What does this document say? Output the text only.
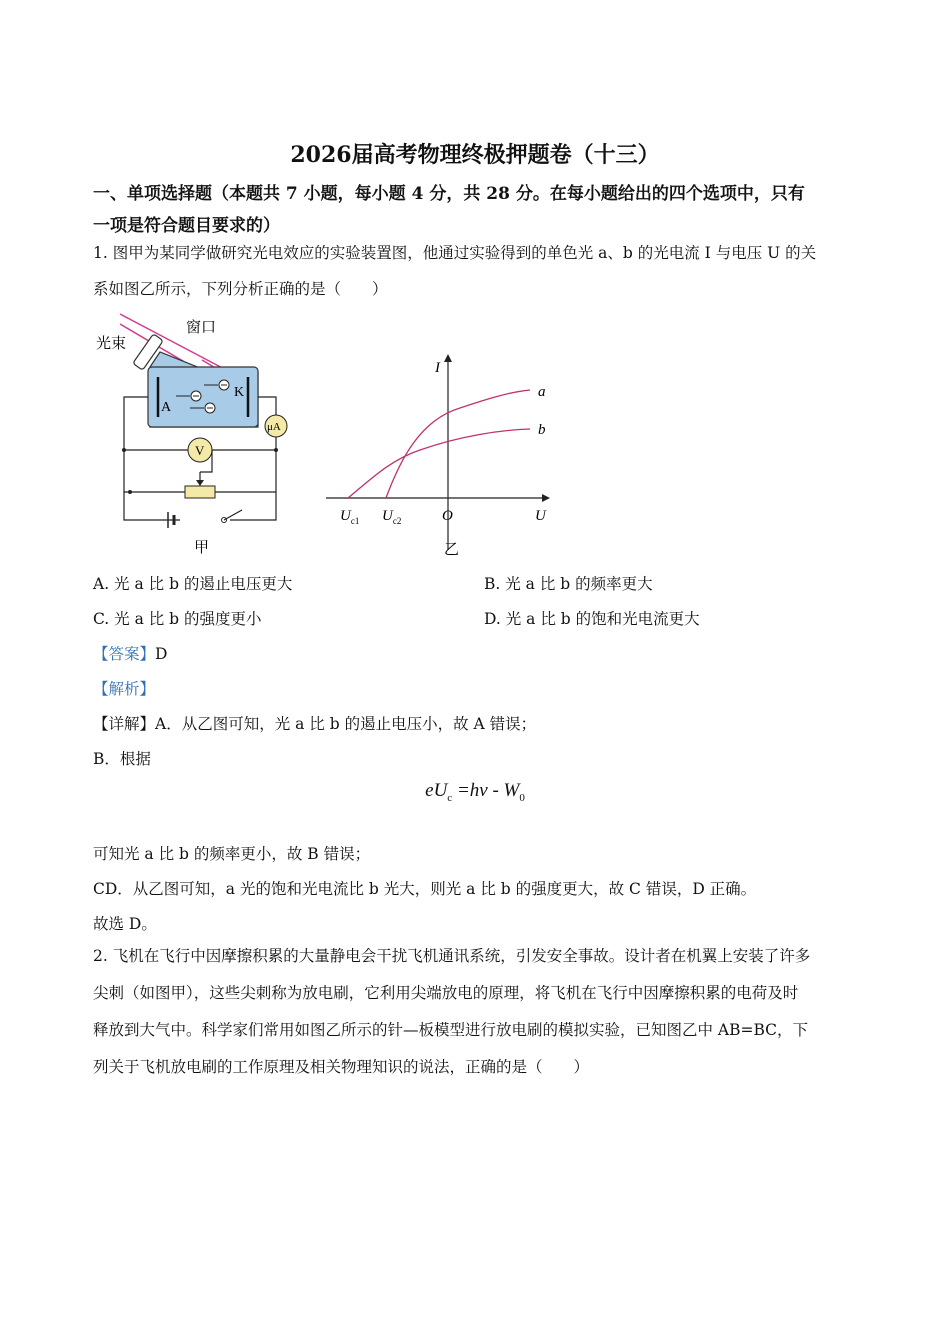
2026届高考物理终极押题卷（十三）
一、单项选择题（本题共 7 小题，每小题 4 分，共 28 分。在每小题给出的四个选项中，只有
一项是符合题目要求的）
1. 图甲为某同学做研究光电效应的实验装置图，他通过实验得到的单色光 a、b 的光电流 I 与电压 U 的关
系如图乙所示，下列分析正确的是（　　）
光束
窗口
A
K
V
μA
甲
I
U
O
$U_{c1}$ $U_{c2}$
a
b
乙
A. 光 a 比 b 的遏止电压更大	B. 光 a 比 b 的频率更大
C. 光 a 比 b 的强度更小	D. 光 a 比 b 的饱和光电流更大
【答案】D
【解析】
【详解】A．从乙图可知，光 a 比 b 的遏止电压小，故 A 错误；
B．根据
$eU_c =h\nu - W_0$
可知光 a 比 b 的频率更小，故 B 错误；
CD．从乙图可知，a 光的饱和光电流比 b 光大，则光 a 比 b 的强度更大，故 C 错误，D 正确。
故选 D。
2. 飞机在飞行中因摩擦积累的大量静电会干扰飞机通讯系统，引发安全事故。设计者在机翼上安装了许多
尖刺（如图甲），这些尖刺称为放电刷，它利用尖端放电的原理，将飞机在飞行中因摩擦积累的电荷及时
释放到大气中。科学家们常用如图乙所示的针—板模型进行放电刷的模拟实验，已知图乙中 AB=BC，下
列关于飞机放电刷的工作原理及相关物理知识的说法，正确的是（　　）
